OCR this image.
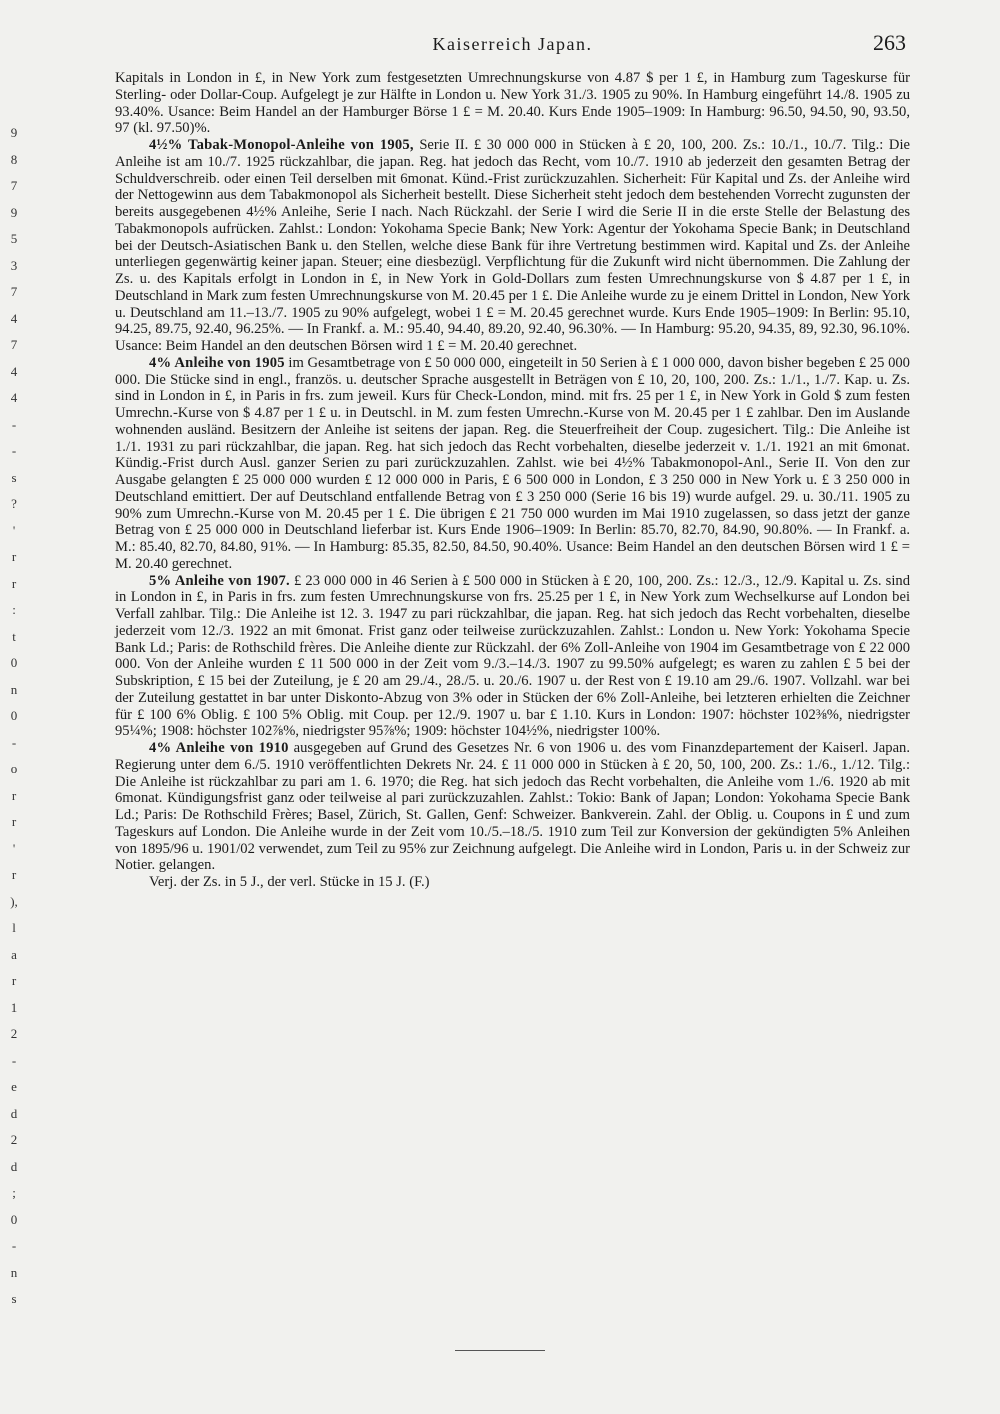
Kaiserreich Japan.	263
9
8
7
9
5
3
7
4
7
4
4
-
-
s
?
'
r
r
:
t
0
n
0
-
o
r
r
'
r
),
l
a
r
1
2
-
e
d
2
d
;
0
-
n
s

Kapitals in London in £, in New York zum festgesetzten Umrechnungskurse von 4.87 $ per 1 £, in Hamburg zum Tageskurse für Sterling- oder Dollar-Coup. Aufgelegt je zur Hälfte in London u. New York 31./3. 1905 zu 90%. In Hamburg eingeführt 14./8. 1905 zu 93.40%. Usance: Beim Handel an der Hamburger Börse 1 £ = M. 20.40. Kurs Ende 1905–1909: In Hamburg: 96.50, 94.50, 90, 93.50, 97 (kl. 97.50)%.

4½% Tabak-Monopol-Anleihe von 1905, Serie II. £ 30 000 000 in Stücken à £ 20, 100, 200. Zs.: 10./1., 10./7. Tilg.: Die Anleihe ist am 10./7. 1925 rückzahlbar, die japan. Reg. hat jedoch das Recht, vom 10./7. 1910 ab jederzeit den gesamten Betrag der Schuldverschreib. oder einen Teil derselben mit 6monat. Künd.-Frist zurückzuzahlen. Sicherheit: Für Kapital und Zs. der Anleihe wird der Nettogewinn aus dem Tabakmonopol als Sicherheit bestellt. Diese Sicherheit steht jedoch dem bestehenden Vorrecht zugunsten der bereits ausgegebenen 4½% Anleihe, Serie I nach. Nach Rückzahl. der Serie I wird die Serie II in die erste Stelle der Belastung des Tabakmonopols aufrücken. Zahlst.: London: Yokohama Specie Bank; New York: Agentur der Yokohama Specie Bank; in Deutschland bei der Deutsch-Asiatischen Bank u. den Stellen, welche diese Bank für ihre Vertretung bestimmen wird. Kapital und Zs. der Anleihe unterliegen gegenwärtig keiner japan. Steuer; eine diesbezügl. Verpflichtung für die Zukunft wird nicht übernommen. Die Zahlung der Zs. u. des Kapitals erfolgt in London in £, in New York in Gold-Dollars zum festen Umrechnungskurse von $ 4.87 per 1 £, in Deutschland in Mark zum festen Umrechnungskurse von M. 20.45 per 1 £. Die Anleihe wurde zu je einem Drittel in London, New York u. Deutschland am 11.–13./7. 1905 zu 90% aufgelegt, wobei 1 £ = M. 20.45 gerechnet wurde. Kurs Ende 1905–1909: In Berlin: 95.10, 94.25, 89.75, 92.40, 96.25%. — In Frankf. a. M.: 95.40, 94.40, 89.20, 92.40, 96.30%. — In Hamburg: 95.20, 94.35, 89, 92.30, 96.10%. Usance: Beim Handel an den deutschen Börsen wird 1 £ = M. 20.40 gerechnet.

4% Anleihe von 1905 im Gesamtbetrage von £ 50 000 000, eingeteilt in 50 Serien à £ 1 000 000, davon bisher begeben £ 25 000 000. Die Stücke sind in engl., französ. u. deutscher Sprache ausgestellt in Beträgen von £ 10, 20, 100, 200. Zs.: 1./1., 1./7. Kap. u. Zs. sind in London in £, in Paris in frs. zum jeweil. Kurs für Check-London, mind. mit frs. 25 per 1 £, in New York in Gold $ zum festen Umrechn.-Kurse von $ 4.87 per 1 £ u. in Deutschl. in M. zum festen Umrechn.-Kurse von M. 20.45 per 1 £ zahlbar. Den im Auslande wohnenden ausländ. Besitzern der Anleihe ist seitens der japan. Reg. die Steuerfreiheit der Coup. zugesichert. Tilg.: Die Anleihe ist 1./1. 1931 zu pari rückzahlbar, die japan. Reg. hat sich jedoch das Recht vorbehalten, dieselbe jederzeit v. 1./1. 1921 an mit 6monat. Kündig.-Frist durch Ausl. ganzer Serien zu pari zurückzuzahlen. Zahlst. wie bei 4½% Tabakmonopol-Anl., Serie II. Von den zur Ausgabe gelangten £ 25 000 000 wurden £ 12 000 000 in Paris, £ 6 500 000 in London, £ 3 250 000 in New York u. £ 3 250 000 in Deutschland emittiert. Der auf Deutschland entfallende Betrag von £ 3 250 000 (Serie 16 bis 19) wurde aufgel. 29. u. 30./11. 1905 zu 90% zum Umrechn.-Kurse von M. 20.45 per 1 £. Die übrigen £ 21 750 000 wurden im Mai 1910 zugelassen, so dass jetzt der ganze Betrag von £ 25 000 000 in Deutschland lieferbar ist. Kurs Ende 1906–1909: In Berlin: 85.70, 82.70, 84.90, 90.80%. — In Frankf. a. M.: 85.40, 82.70, 84.80, 91%. — In Hamburg: 85.35, 82.50, 84.50, 90.40%. Usance: Beim Handel an den deutschen Börsen wird 1 £ = M. 20.40 gerechnet.

5% Anleihe von 1907. £ 23 000 000 in 46 Serien à £ 500 000 in Stücken à £ 20, 100, 200. Zs.: 12./3., 12./9. Kapital u. Zs. sind in London in £, in Paris in frs. zum festen Umrechnungskurse von frs. 25.25 per 1 £, in New York zum Wechselkurse auf London bei Verfall zahlbar. Tilg.: Die Anleihe ist 12. 3. 1947 zu pari rückzahlbar, die japan. Reg. hat sich jedoch das Recht vorbehalten, dieselbe jederzeit vom 12./3. 1922 an mit 6monat. Frist ganz oder teilweise zurückzuzahlen. Zahlst.: London u. New York: Yokohama Specie Bank Ld.; Paris: de Rothschild frères. Die Anleihe diente zur Rückzahl. der 6% Zoll-Anleihe von 1904 im Gesamtbetrage von £ 22 000 000. Von der Anleihe wurden £ 11 500 000 in der Zeit vom 9./3.–14./3. 1907 zu 99.50% aufgelegt; es waren zu zahlen £ 5 bei der Subskription, £ 15 bei der Zuteilung, je £ 20 am 29./4., 28./5. u. 20./6. 1907 u. der Rest von £ 19.10 am 29./6. 1907. Vollzahl. war bei der Zuteilung gestattet in bar unter Diskonto-Abzug von 3% oder in Stücken der 6% Zoll-Anleihe, bei letzteren erhielten die Zeichner für £ 100 6% Oblig. £ 100 5% Oblig. mit Coup. per 12./9. 1907 u. bar £ 1.10. Kurs in London: 1907: höchster 102⅜%, niedrigster 95¼%; 1908: höchster 102⅞%, niedrigster 95⅞%; 1909: höchster 104½%, niedrigster 100%.

4% Anleihe von 1910 ausgegeben auf Grund des Gesetzes Nr. 6 von 1906 u. des vom Finanzdepartement der Kaiserl. Japan. Regierung unter dem 6./5. 1910 veröffentlichten Dekrets Nr. 24. £ 11 000 000 in Stücken à £ 20, 50, 100, 200. Zs.: 1./6., 1./12. Tilg.: Die Anleihe ist rückzahlbar zu pari am 1. 6. 1970; die Reg. hat sich jedoch das Recht vorbehalten, die Anleihe vom 1./6. 1920 ab mit 6monat. Kündigungsfrist ganz oder teilweise al pari zurückzuzahlen. Zahlst.: Tokio: Bank of Japan; London: Yokohama Specie Bank Ld.; Paris: De Rothschild Frères; Basel, Zürich, St. Gallen, Genf: Schweizer. Bankverein. Zahl. der Oblig. u. Coupons in £ und zum Tageskurs auf London. Die Anleihe wurde in der Zeit vom 10./5.–18./5. 1910 zum Teil zur Konversion der gekündigten 5% Anleihen von 1895/96 u. 1901/02 verwendet, zum Teil zu 95% zur Zeichnung aufgelegt. Die Anleihe wird in London, Paris u. in der Schweiz zur Notier. gelangen.

Verj. der Zs. in 5 J., der verl. Stücke in 15 J. (F.)
